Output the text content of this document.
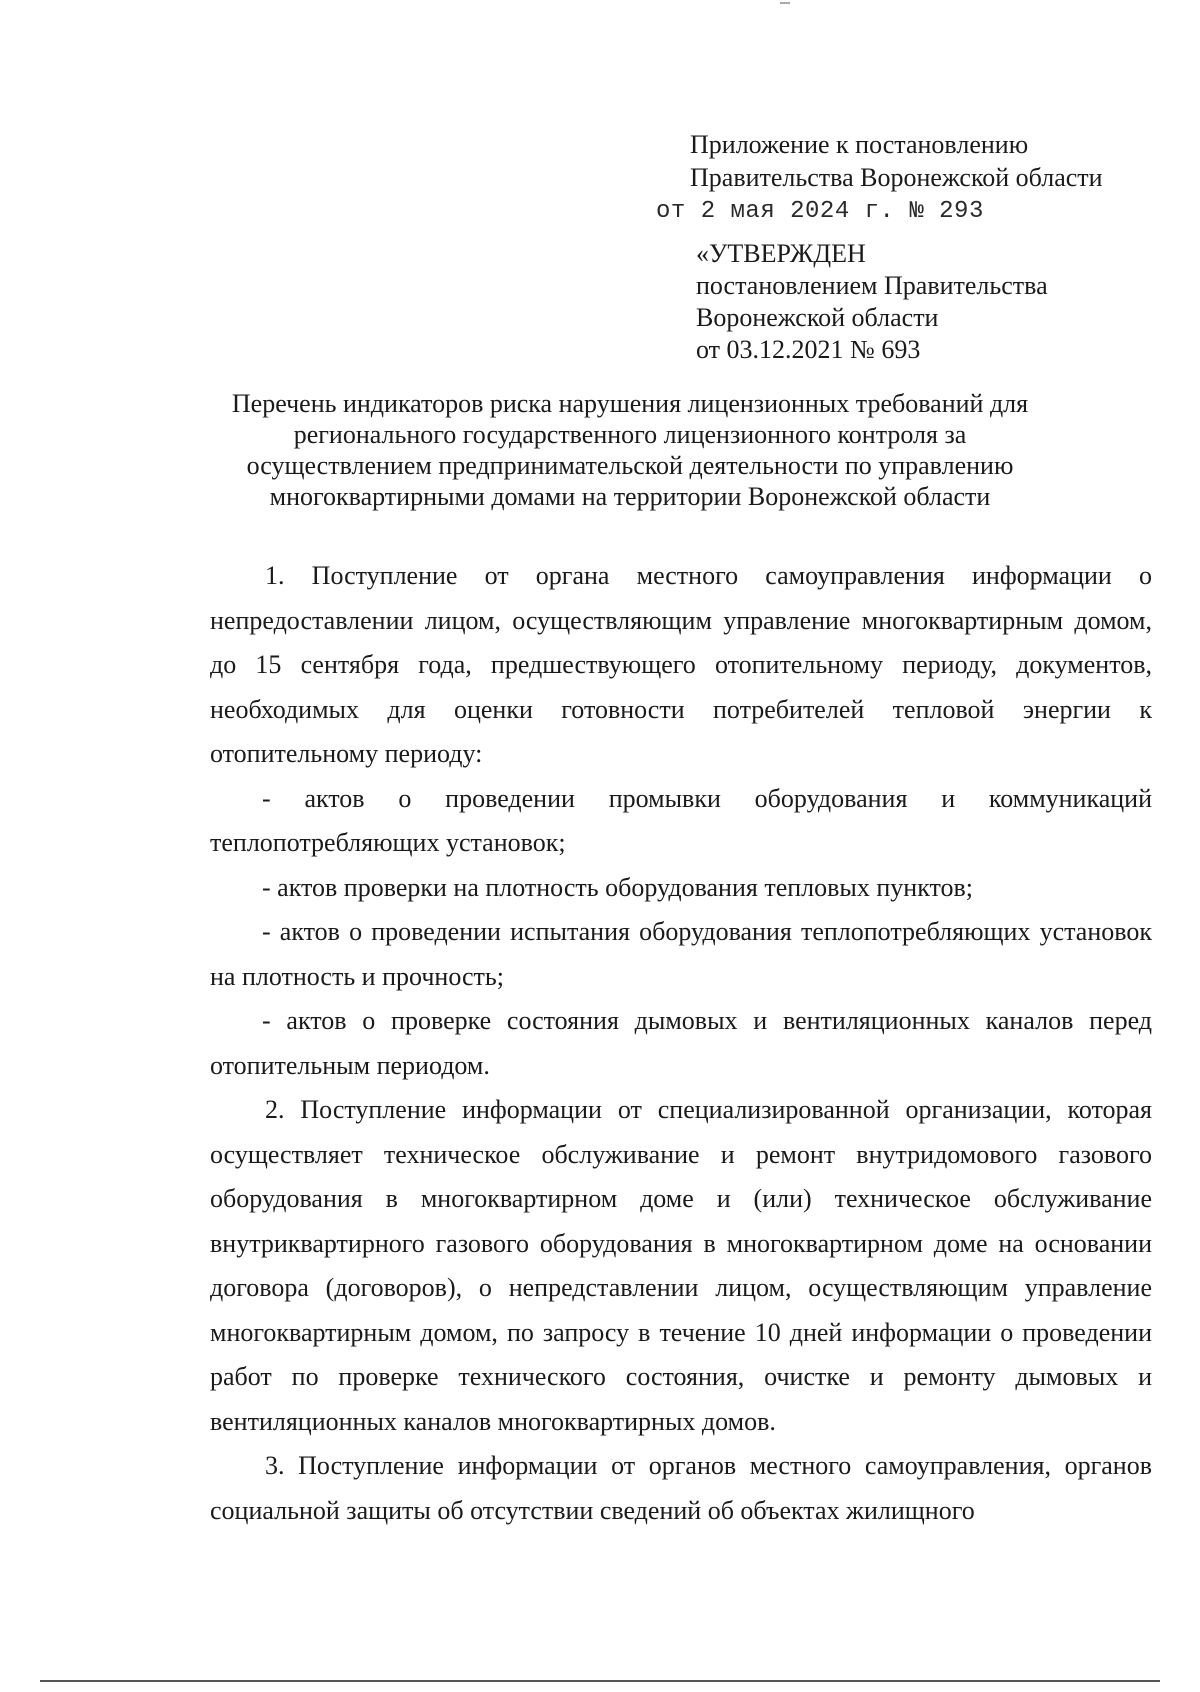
Приложение к постановлению
Правительства Воронежской области
от 2 мая 2024 г. № 293
«УТВЕРЖДЕН
постановлением Правительства
Воронежской области
от 03.12.2021 № 693
Перечень индикаторов риска нарушения лицензионных требований для
регионального государственного лицензионного контроля за
осуществлением предпринимательской деятельности по управлению
многоквартирными домами на территории Воронежской области

1. Поступление от органа местного самоуправления информации о непредоставлении лицом, осуществляющим управление многоквартирным домом, до 15 сентября года, предшествующего отопительному периоду, документов, необходимых для оценки готовности потребителей тепловой энергии к отопительному периоду:

- актов о проведении промывки оборудования и коммуникаций теплопотребляющих установок;

- актов проверки на плотность оборудования тепловых пунктов;

- актов о проведении испытания оборудования теплопотребляющих установок на плотность и прочность;

- актов о проверке состояния дымовых и вентиляционных каналов перед отопительным периодом.

2. Поступление информации от специализированной организации, которая осуществляет техническое обслуживание и ремонт внутридомового газового оборудования в многоквартирном доме и (или) техническое обслуживание внутриквартирного газового оборудования в многоквартирном доме на основании договора (договоров), о непредставлении лицом, осуществляющим управление многоквартирным домом, по запросу в течение 10 дней информации о проведении работ по проверке технического состояния, очистке и ремонту дымовых и вентиляционных каналов многоквартирных домов.

3. Поступление информации от органов местного самоуправления, органов социальной защиты об отсутствии сведений об объектах жилищного
